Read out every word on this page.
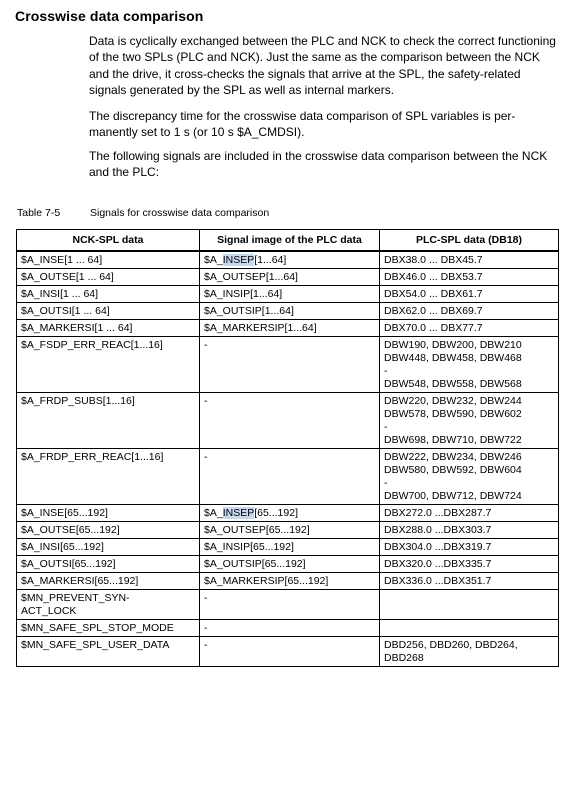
Crosswise data comparison
Data is cyclically exchanged between the PLC and NCK to check the correct functioning of the two SPLs (PLC and NCK). Just the same as the comparison between the NCK and the drive, it cross-checks the signals that arrive at the SPL, the safety-related signals generated by the SPL as well as internal markers.
The discrepancy time for the crosswise data comparison of SPL variables is per- manently set to 1 s (or 10 s $A_CMDSI).
The following signals are included in the crosswise data comparison between the NCK and the PLC:
Table 7-5	Signals for crosswise data comparison
NCK-SPL data	Signal image of the PLC data	PLC-SPL data (DB18)
$A_INSE[1 ... 64]	$A_INSEP[1...64]	DBX38.0 ... DBX45.7

$A_OUTSE[1 ... 64]	$A_OUTSEP[1...64]	DBX46.0 ... DBX53.7

$A_INSI[1 ... 64]	$A_INSIP[1...64]	DBX54.0 ... DBX61.7

$A_OUTSI[1 ... 64]	$A_OUTSIP[1...64]	DBX62.0 ... DBX69.7

$A_MARKERSI[1 ... 64]	$A_MARKERSIP[1...64]	DBX70.0 ... DBX77.7

$A_FSDP_ERR_REAC[1...16]	-	DBW190, DBW200, DBW210
DBW448, DBW458, DBW468
-
DBW548, DBW558, DBW568

$A_FRDP_SUBS[1...16]	-	DBW220, DBW232, DBW244
DBW578, DBW590, DBW602
-
DBW698, DBW710, DBW722

$A_FRDP_ERR_REAC[1...16]	-	DBW222, DBW234, DBW246
DBW580, DBW592, DBW604
-
DBW700, DBW712, DBW724

$A_INSE[65...192]	$A_INSEP[65...192]	DBX272.0 ...DBX287.7

$A_OUTSE[65...192]	$A_OUTSEP[65...192]	DBX288.0 ...DBX303.7

$A_INSI[65...192]	$A_INSIP[65...192]	DBX304.0 ...DBX319.7

$A_OUTSI[65...192]	$A_OUTSIP[65...192]	DBX320.0 ...DBX335.7

$A_MARKERSI[65...192]	$A_MARKERSIP[65...192]	DBX336.0 ...DBX351.7

$MN_PREVENT_SYN-
ACT_LOCK	-	
$MN_SAFE_SPL_STOP_MODE	-	
$MN_SAFE_SPL_USER_DATA	-	DBD256, DBD260, DBD264,
DBD268
